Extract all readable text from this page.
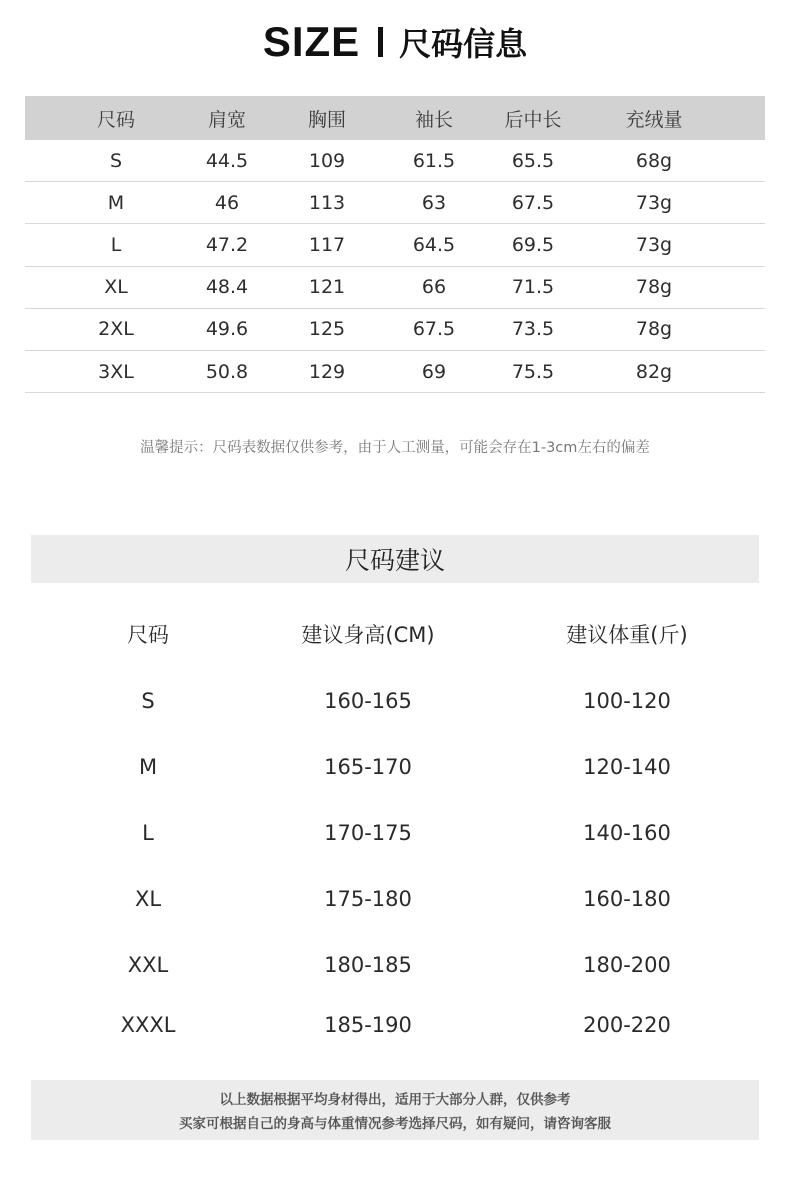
SIZE 尺码信息
尺码	肩宽	胸围	袖长	后中长	充绒量
S	44.5	109	61.5	65.5	68g
M	46	113	63	67.5	73g
L	47.2	117	64.5	69.5	73g
XL	48.4	121	66	71.5	78g
2XL	49.6	125	67.5	73.5	78g
3XL	50.8	129	69	75.5	82g
温馨提示：尺码表数据仅供参考，由于人工测量，可能会存在1-3cm左右的偏差
尺码建议
尺码	建议身高(CM)	建议体重(斤)
S	160-165	100-120
M	165-170	120-140
L	170-175	140-160
XL	175-180	160-180
XXL	180-185	180-200
XXXL	185-190	200-220
以上数据根据平均身材得出，适用于大部分人群，仅供参考
买家可根据自己的身高与体重情况参考选择尺码，如有疑问，请咨询客服
